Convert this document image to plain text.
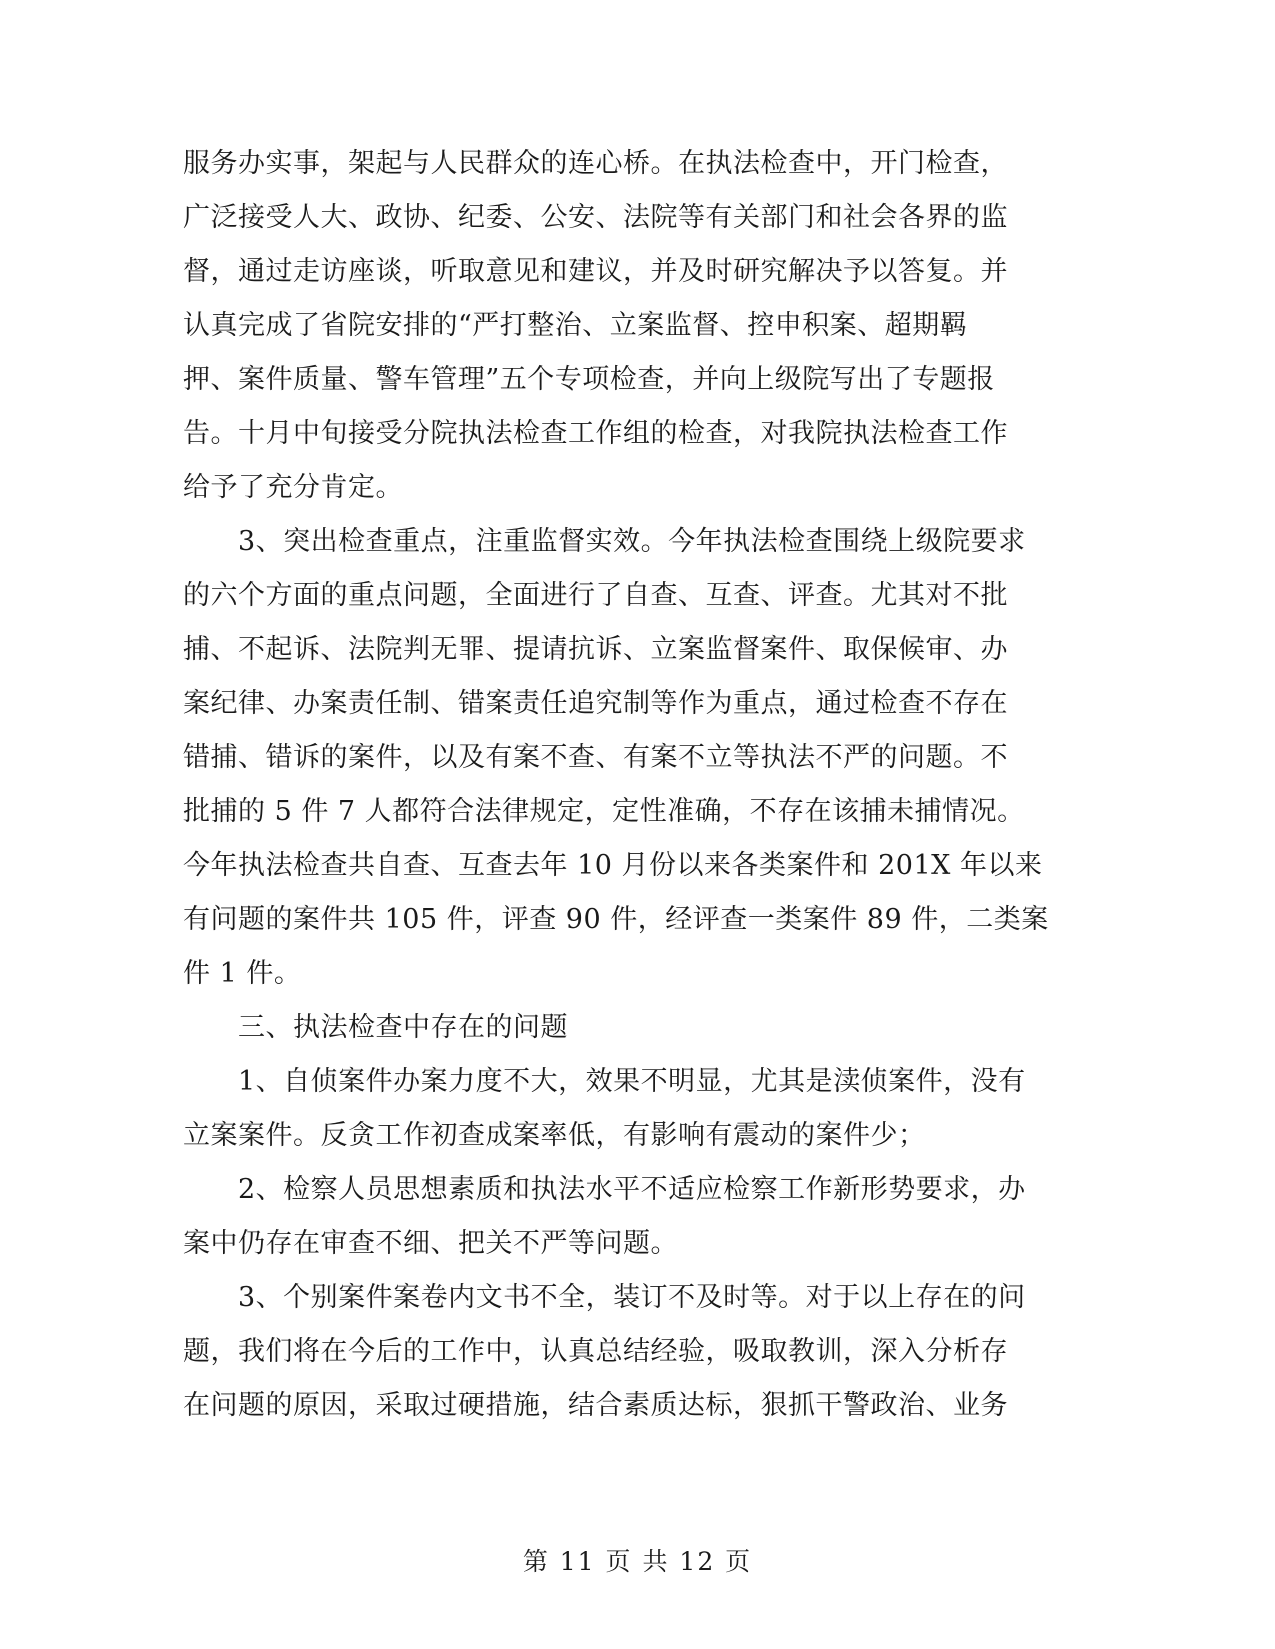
服务办实事，架起与人民群众的连心桥。在执法检查中，开门检查，
广泛接受人大、政协、纪委、公安、法院等有关部门和社会各界的监
督，通过走访座谈，听取意见和建议，并及时研究解决予以答复。并
认真完成了省院安排的“严打整治、立案监督、控申积案、超期羁
押、案件质量、警车管理”五个专项检查，并向上级院写出了专题报
告。十月中旬接受分院执法检查工作组的检查，对我院执法检查工作
给予了充分肯定。
　　3、突出检查重点，注重监督实效。今年执法检查围绕上级院要求
的六个方面的重点问题，全面进行了自查、互查、评查。尤其对不批
捕、不起诉、法院判无罪、提请抗诉、立案监督案件、取保候审、办
案纪律、办案责任制、错案责任追究制等作为重点，通过检查不存在
错捕、错诉的案件，以及有案不查、有案不立等执法不严的问题。不
批捕的 5 件 7 人都符合法律规定，定性准确，不存在该捕未捕情况。
今年执法检查共自查、互查去年 10 月份以来各类案件和 201X 年以来
有问题的案件共 105 件，评查 90 件，经评查一类案件 89 件，二类案
件 1 件。
　　三、执法检查中存在的问题
　　1、自侦案件办案力度不大，效果不明显，尤其是渎侦案件，没有
立案案件。反贪工作初查成案率低，有影响有震动的案件少；
　　2、检察人员思想素质和执法水平不适应检察工作新形势要求，办
案中仍存在审查不细、把关不严等问题。
　　3、个别案件案卷内文书不全，装订不及时等。对于以上存在的问
题，我们将在今后的工作中，认真总结经验，吸取教训，深入分析存
在问题的原因，采取过硬措施，结合素质达标，狠抓干警政治、业务
第 11 页 共 12 页
